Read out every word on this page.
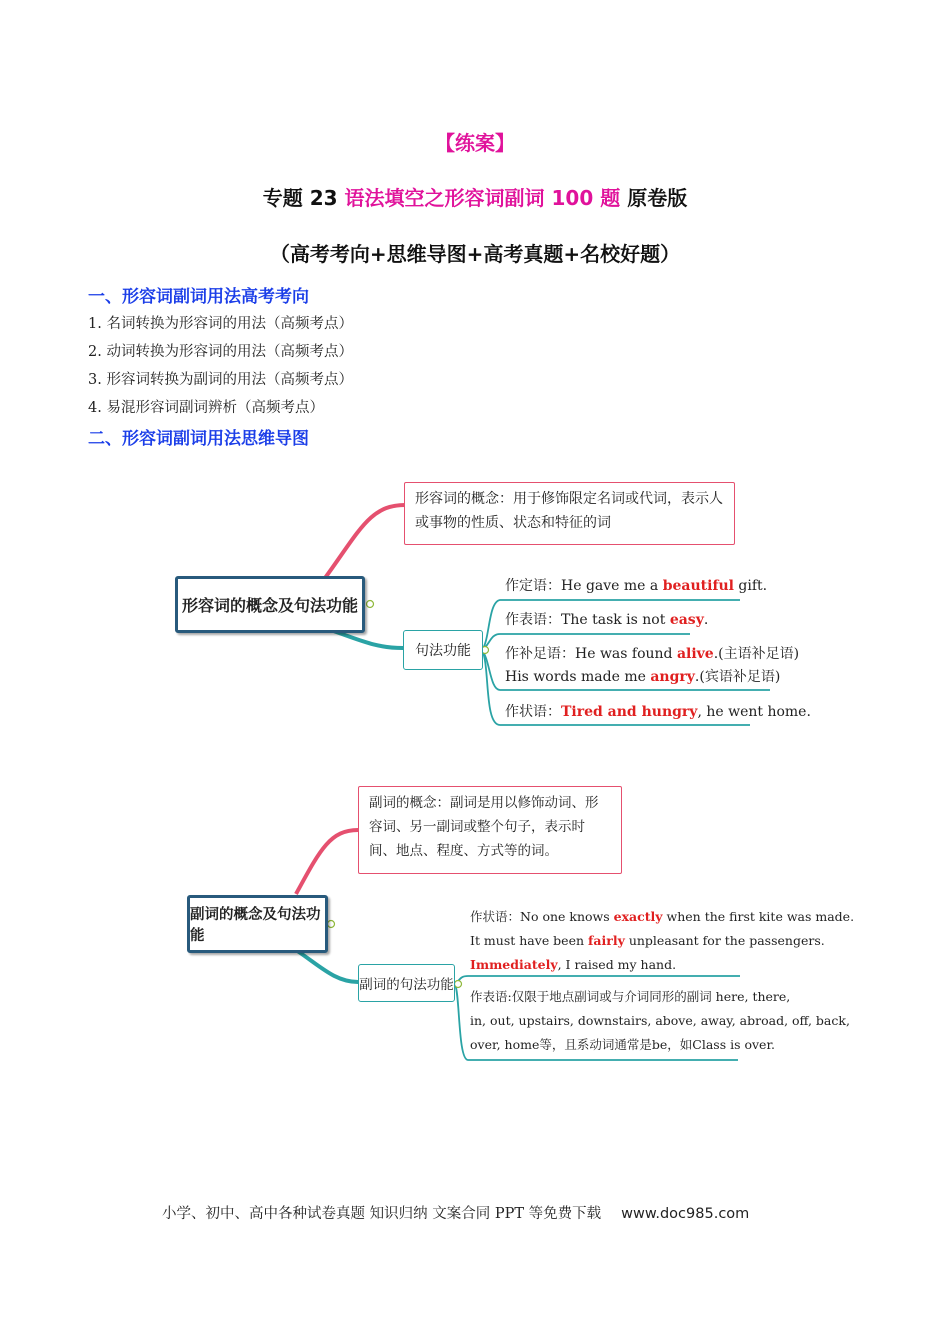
【练案】
专题 23 语法填空之形容词副词 100 题 原卷版
（高考考向+思维导图+高考真题+名校好题）
一、形容词副词用法高考考向
1. 名词转换为形容词的用法（高频考点）
2. 动词转换为形容词的用法（高频考点）
3. 形容词转换为副词的用法（高频考点）
4. 易混形容词副词辨析（高频考点）
二、形容词副词用法思维导图
形容词的概念及句法功能
形容词的概念：用于修饰限定名词或代词，表示人或事物的性质、状态和特征的词
句法功能
作定语：He gave me a beautiful gift.
作表语：The task is not easy.
作补足语：He was found alive.(主语补足语)
His words made me angry.(宾语补足语)
作状语：Tired and hungry, he went home.
副词的概念及句法功能
副词的概念：副词是用以修饰动词、形容词、另一副词或整个句子，表示时间、地点、程度、方式等的词。
副词的句法功能
作状语：No one knows exactly when the first kite was made.
It must have been fairly unpleasant for the passengers.
Immediately, I raised my hand.
作表语:仅限于地点副词或与介词同形的副词 here, there,
in, out, upstairs, downstairs, above, away, abroad, off, back,
over, home等，且系动词通常是be，如Class is over.
小学、初中、高中各种试卷真题 知识归纳 文案合同 PPT 等免费下载 www.doc985.com
